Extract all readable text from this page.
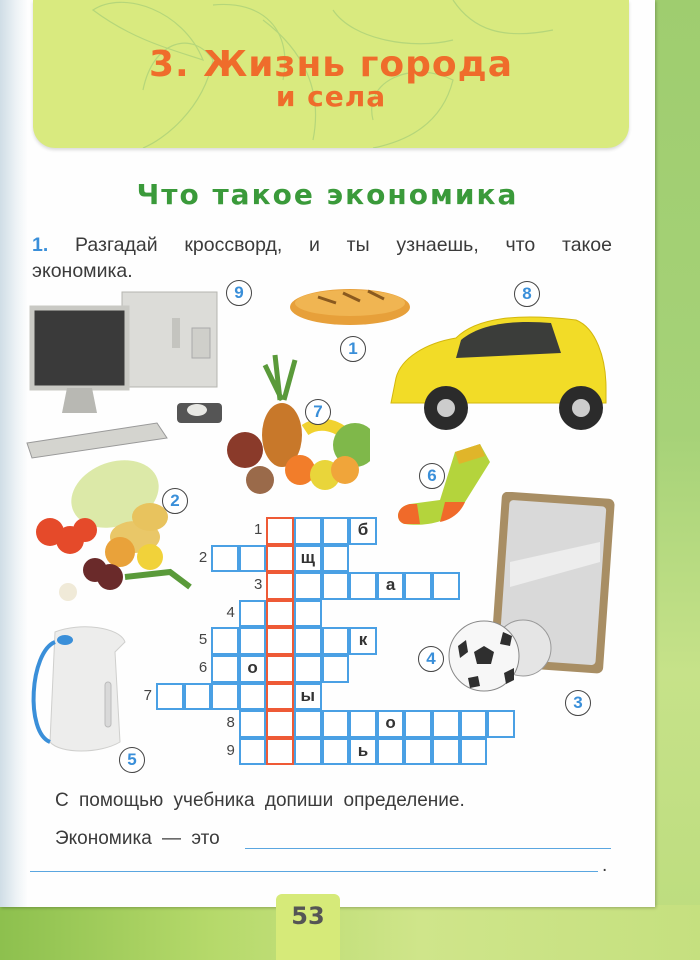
3. Жизнь города
и села
Что такое экономика
1. Разгадай кроссворд, и ты узнаешь, что такое экономика.
9
1
8
7
6
3
4
2
5
1	б
2	щ
3	а
4
5	к
6	о
7	ы
8	о
9	ь
С помощью учебника допиши определение.
Экономика — это
.
53
